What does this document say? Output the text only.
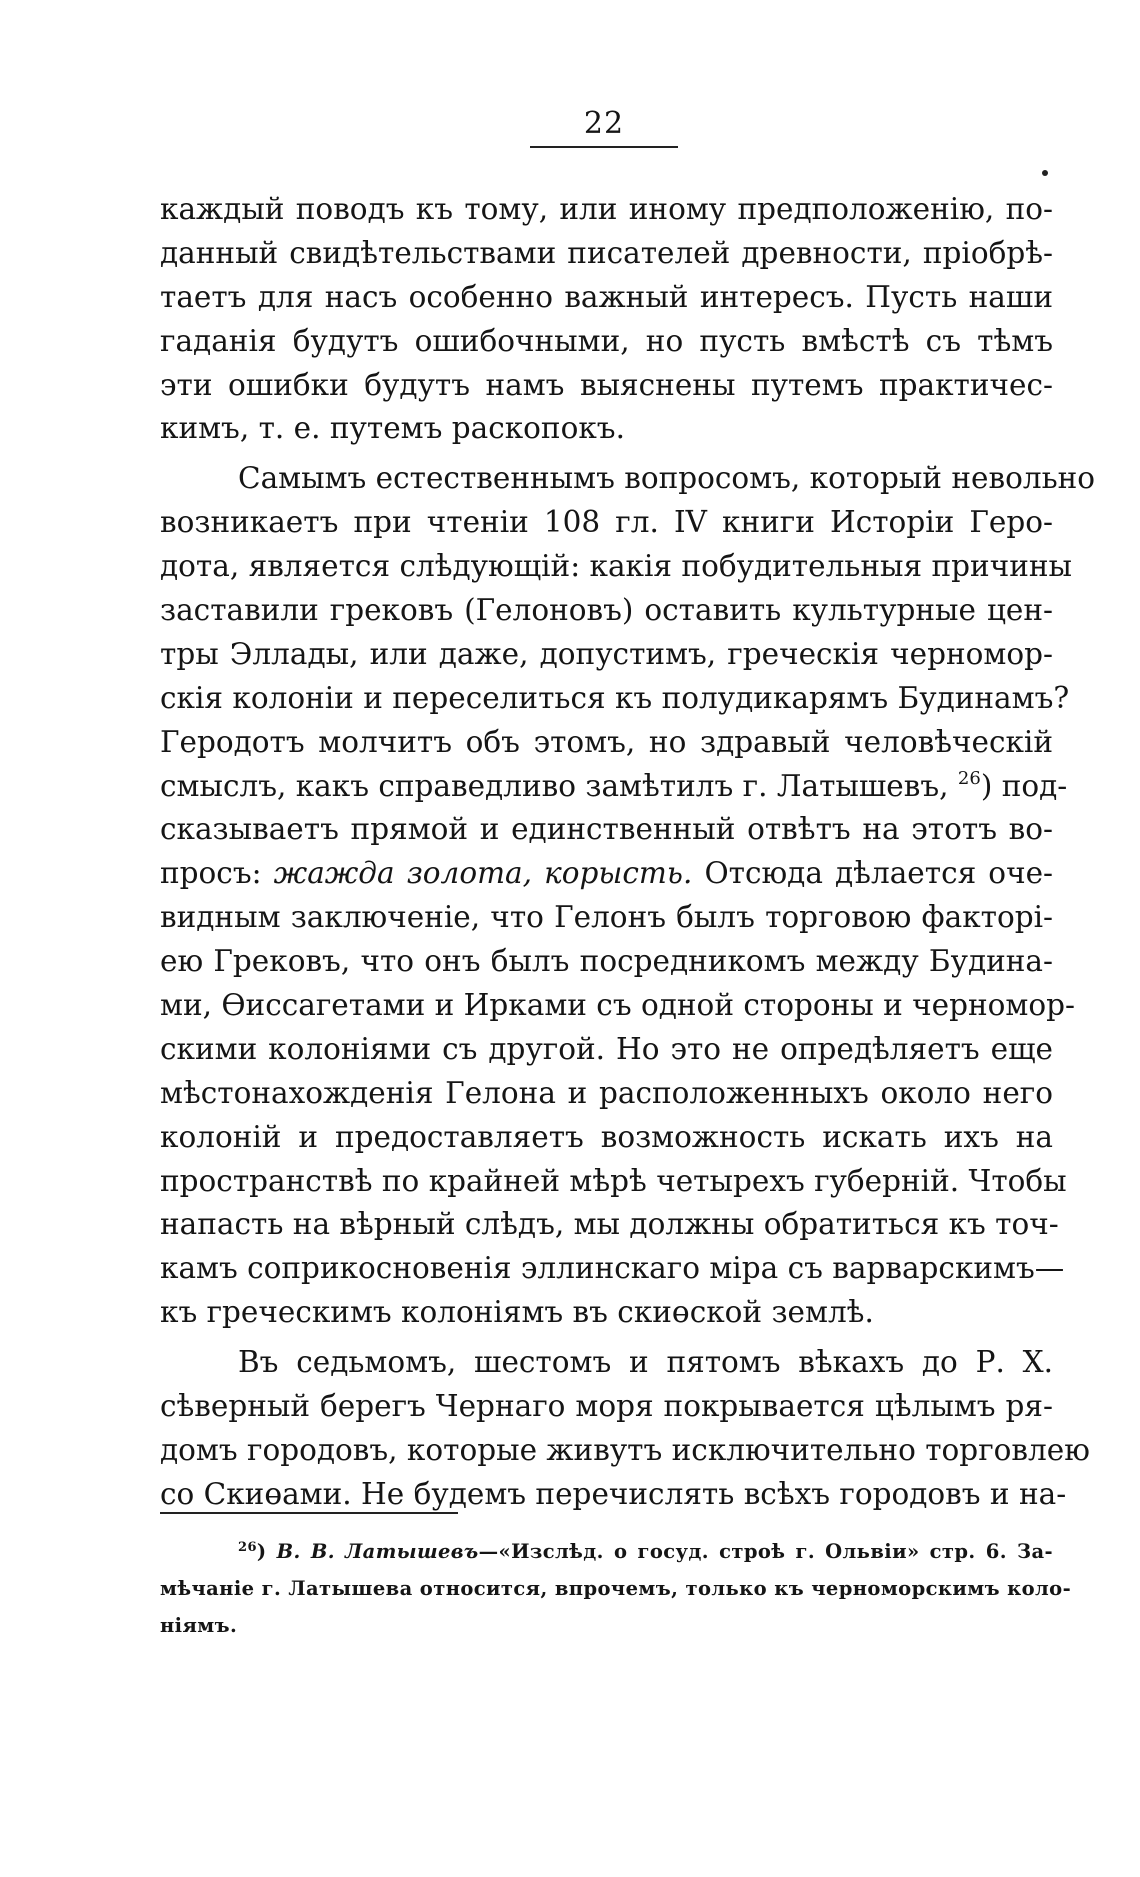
22
каждый поводъ къ тому, или иному предположенію, по-
данный свидѣтельствами писателей древности, пріобрѣ-
таетъ для насъ особенно важный интересъ. Пусть наши
гаданія будутъ ошибочными, но пусть вмѣстѣ съ тѣмъ
эти ошибки будутъ намъ выяснены путемъ практичес-
кимъ, т. е. путемъ раскопокъ.
Самымъ естественнымъ вопросомъ, который невольно
возникаетъ при чтеніи 108 гл. IV книги Исторіи Геро-
дота, является слѣдующій: какія побудительныя причины
заставили грековъ (Гелоновъ) оставить культурные цен-
тры Эллады, или даже, допустимъ, греческія черномор-
скія колоніи и переселиться къ полудикарямъ Будинамъ?
Геродотъ молчитъ объ этомъ, но здравый человѣческій
смыслъ, какъ справедливо замѣтилъ г. Латышевъ, $^{26}$) под-
сказываетъ прямой и единственный отвѣтъ на этотъ во-
просъ: жажда золота, корысть. Отсюда дѣлается оче-
видным заключеніе, что Гелонъ былъ торговою факторі-
ею Грековъ, что онъ былъ посредникомъ между Будина-
ми, Өиссагетами и Ирками съ одной стороны и черномор-
скими колоніями съ другой. Но это не опредѣляетъ еще
мѣстонахожденія Гелона и расположенныхъ около него
колоній и предоставляетъ возможность искать ихъ на
пространствѣ по крайней мѣрѣ четырехъ губерній. Чтобы
напасть на вѣрный слѣдъ, мы должны обратиться къ точ-
камъ соприкосновенія эллинскаго міра съ варварскимъ—
къ греческимъ колоніямъ въ скиөской землѣ.
Въ седьмомъ, шестомъ и пятомъ вѣкахъ до Р. Х.
сѣверный берегъ Чернаго моря покрывается цѣлымъ ря-
домъ городовъ, которые живутъ исключительно торговлею
со Скиөами. Не будемъ перечислять всѣхъ городовъ и на-
$^{26}$) В. В. Латышевъ—«Изслѣд. о госуд. строѣ г. Ольвіи» стр. 6. За-
мѣчаніе г. Латышева относится, впрочемъ, только къ черноморскимъ коло-
ніямъ.
